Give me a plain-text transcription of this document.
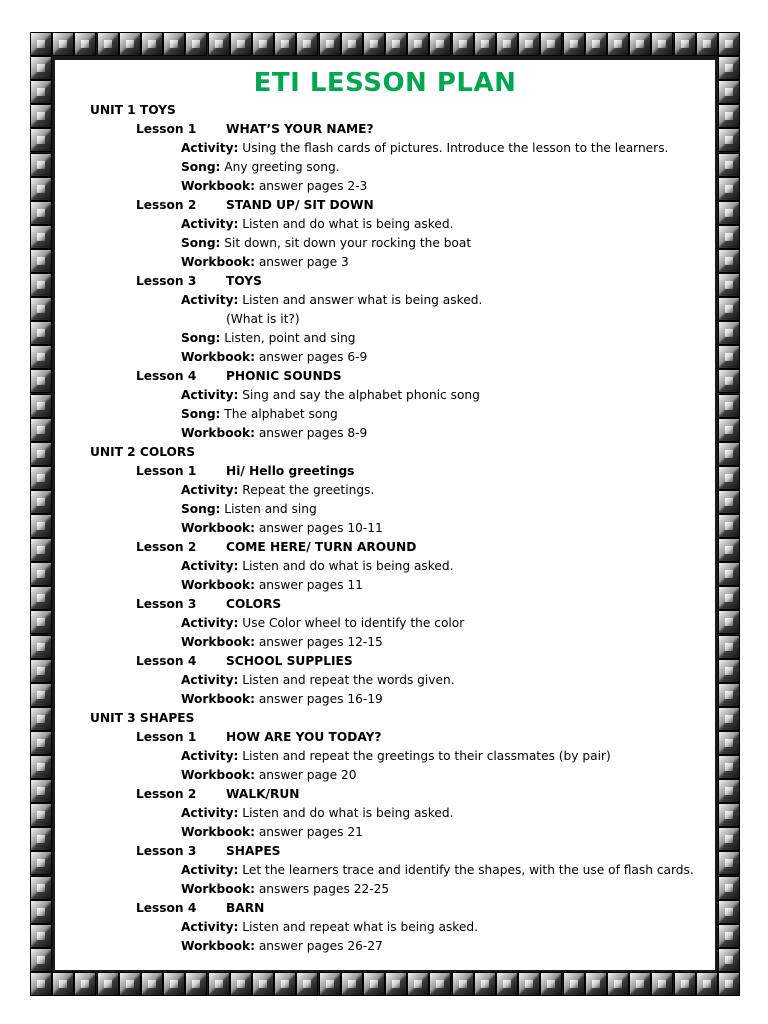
ETI LESSON PLAN
UNIT 1 TOYS
Lesson 1 WHAT’S YOUR NAME?
Activity: Using the flash cards of pictures. Introduce the lesson to the learners.
Song: Any greeting song.
Workbook: answer pages 2-3
Lesson 2 STAND UP/ SIT DOWN
Activity: Listen and do what is being asked.
Song: Sit down, sit down your rocking the boat
Workbook: answer page 3
Lesson 3 TOYS
Activity: Listen and answer what is being asked.
(What is it?)
Song: Listen, point and sing
Workbook: answer pages 6-9
Lesson 4 PHONIC SOUNDS
Activity: Sing and say the alphabet phonic song
Song: The alphabet song
Workbook: answer pages 8-9
UNIT 2 COLORS
Lesson 1 Hi/ Hello greetings
Activity: Repeat the greetings.
Song: Listen and sing
Workbook: answer pages 10-11
Lesson 2 COME HERE/ TURN AROUND
Activity: Listen and do what is being asked.
Workbook: answer pages 11
Lesson 3 COLORS
Activity: Use Color wheel to identify the color
Workbook: answer pages 12-15
Lesson 4 SCHOOL SUPPLIES
Activity: Listen and repeat the words given.
Workbook: answer pages 16-19
UNIT 3 SHAPES
Lesson 1 HOW ARE YOU TODAY?
Activity: Listen and repeat the greetings to their classmates (by pair)
Workbook: answer page 20
Lesson 2 WALK/RUN
Activity: Listen and do what is being asked.
Workbook: answer pages 21
Lesson 3 SHAPES
Activity: Let the learners trace and identify the shapes, with the use of flash cards.
Workbook: answers pages 22-25
Lesson 4 BARN
Activity: Listen and repeat what is being asked.
Workbook: answer pages 26-27
